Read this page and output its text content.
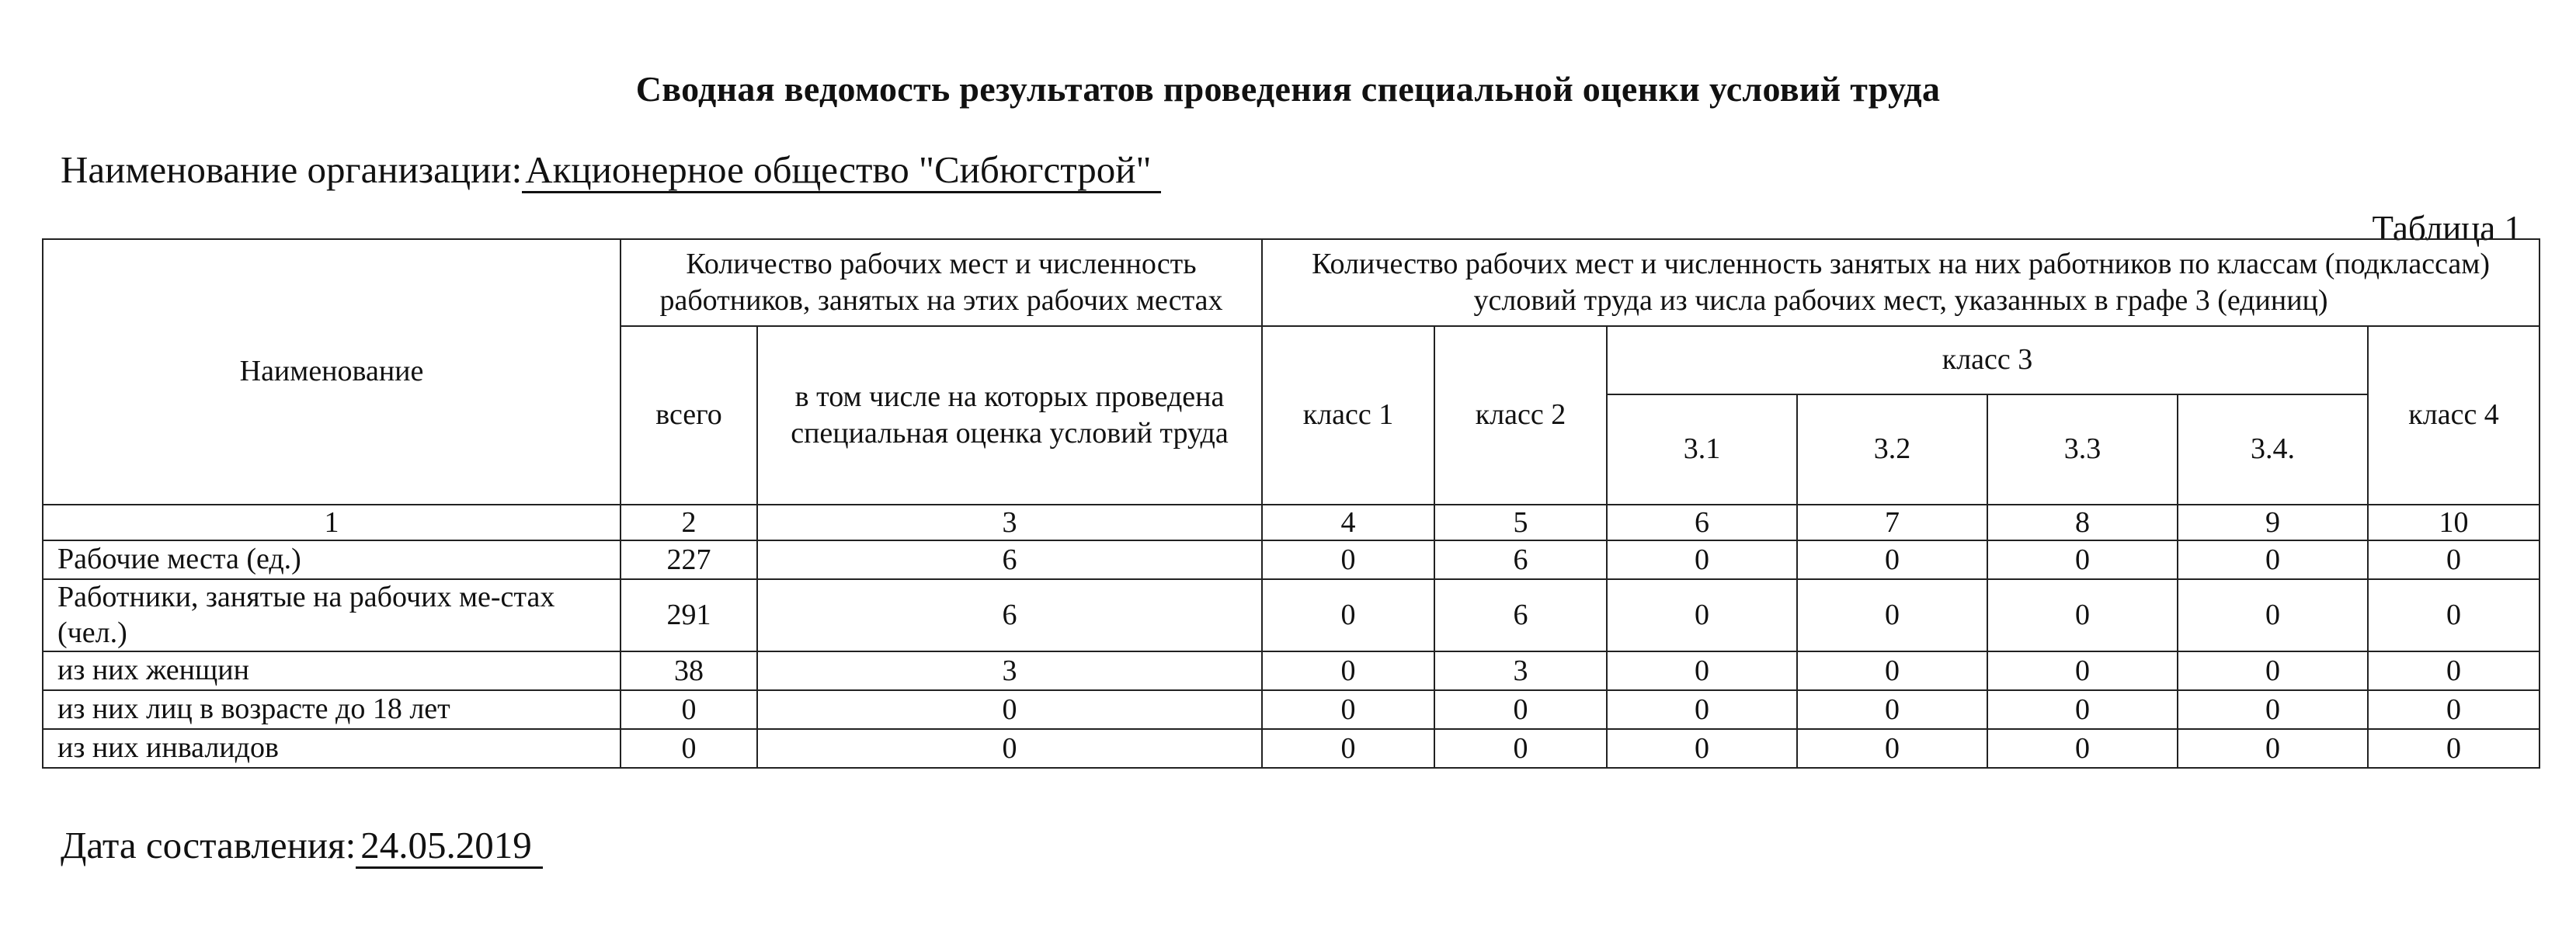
Сводная ведомость результатов проведения специальной оценки условий труда
Наименование организации:Акционерное общество "Сибюгстрой"
Таблица 1
Наименование	Количество рабочих мест и численность работников, занятых на этих рабочих местах		Количество рабочих мест и численность занятых на них работников по классам (подклассам) условий труда из числа рабочих мест, указанных в графе 3 (единиц)						
	всего	в том числе на которых проведена специальная оценка условий труда	класс 1	класс 2	класс 3				класс 4
					3.1	3.2	3.3	3.4.	
1	2	3	4	5	6	7	8	9	10
Рабочие места (ед.)	227	6	0	6	0	0	0	0	0
Работники, занятые на рабочих ме-стах (чел.)	291	6	0	6	0	0	0	0	0
из них женщин	38	3	0	3	0	0	0	0	0
из них лиц в возрасте до 18 лет	0	0	0	0	0	0	0	0	0
из них инвалидов	0	0	0	0	0	0	0	0	0
Дата составления: 24.05.2019
